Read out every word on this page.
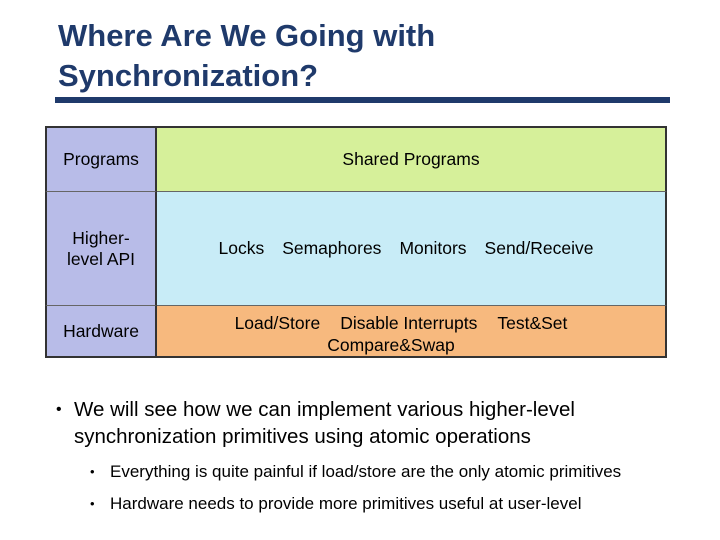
Where Are We Going with
Synchronization?
Programs	Shared Programs
Higher-level API
Locks Semaphores Monitors Send/Receive
Hardware	Load/Store Disable Interrupts Test&Set
Compare&Swap
• We will see how we can implement various higher-level synchronization primitives using atomic operations
• Everything is quite painful if load/store are the only atomic primitives
• Hardware needs to provide more primitives useful at user-level
